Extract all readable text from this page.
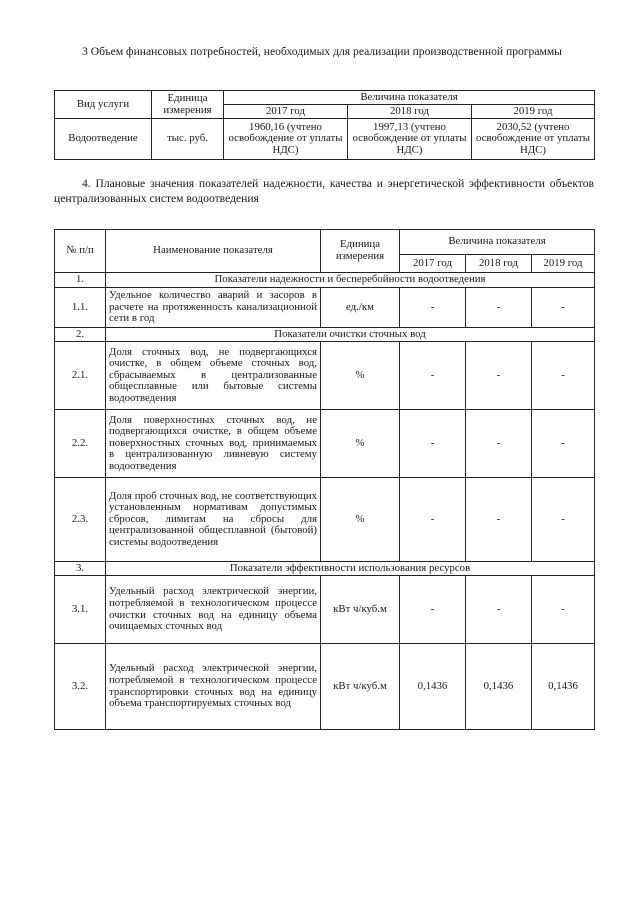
3 Объем финансовых потребностей, необходимых для реализации производственной программы
Вид услуги	Единица измерения	Величина показателя		
		2017 год	2018 год	2019 год
Водоотведение	тыс. руб.	1960,16 (учтено освобождение от уплаты НДС)	1997,13 (учтено освобождение от уплаты НДС)	2030,52 (учтено освобождение от уплаты НДС)
4. Плановые значения показателей надежности, качества и энергетической эффективности объектов централизованных систем водоотведения
№ п/п	Наименование показателя	Единица измерения	Величина показателя		
			2017 год	2018 год	2019 год
1.	Показатели надежности и бесперебойности водоотведения				
1.1.	Удельное количество аварий и засоров в расчете на протяженность канализационной сети в год	ед./км	-	-	-
2.	Показатели очистки сточных вод				
2.1.	Доля сточных вод, не подвергающихся очистке, в общем объеме сточных вод, сбрасываемых в централизованные общесплавные или бытовые системы водоотведения	%	-	-	-
2.2.	Доля поверхностных сточных вод, не подвергающихся очистке, в общем объеме поверхностных сточных вод, принимаемых в централизованную ливневую систему водоотведения	%	-	-	-
2.3.	Доля проб сточных вод, не соответствующих установленным нормативам допустимых сбросов, лимитам на сбросы для централизованной общесплавной (бытовой) системы водоотведения	%	-	-	-
3.	Показатели эффективности использования ресурсов				
3.1.	Удельный расход электрической энергии, потребляемой в технологическом процессе очистки сточных вод на единицу объема очищаемых сточных вод	кВт ч/куб.м	-	-	-
3.2.	Удельный расход электрической энергии, потребляемой в технологическом процессе транспортировки сточных вод на единицу объема транспортируемых сточных вод	кВт ч/куб.м	0,1436	0,1436	0,1436
